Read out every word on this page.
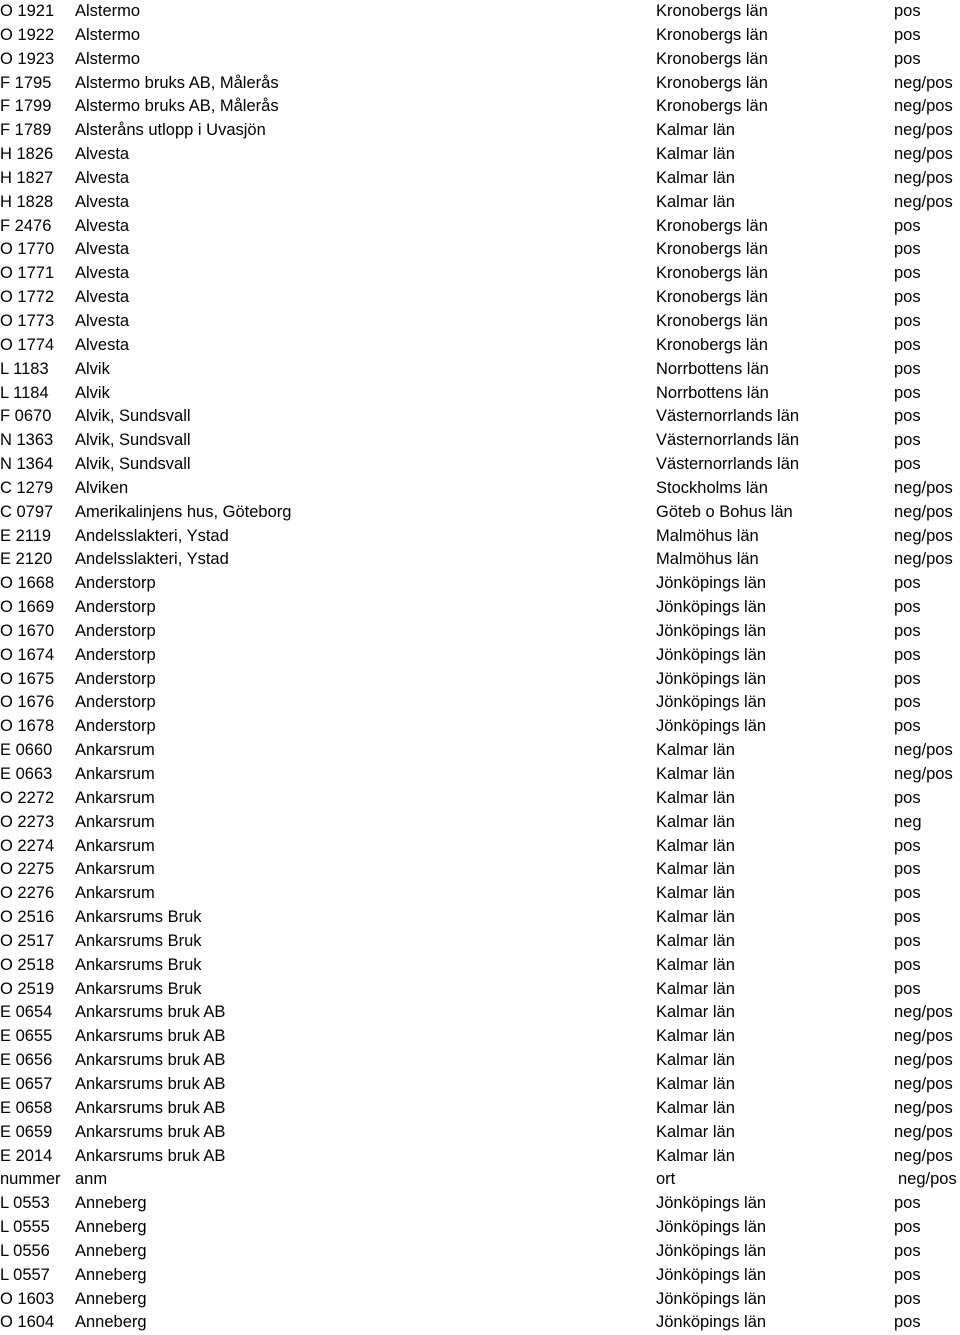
O 1921 Alstermo	Kronobergs län	pos
O 1922 Alstermo	Kronobergs län	pos
O 1923 Alstermo	Kronobergs län	pos
F 1795 Alstermo bruks AB, Målerås	Kronobergs län	neg/pos
F 1799 Alstermo bruks AB, Målerås	Kronobergs län	neg/pos
F 1789 Alsteråns utlopp i Uvasjön	Kalmar län	neg/pos
H 1826 Alvesta	Kalmar län	neg/pos
H 1827 Alvesta	Kalmar län	neg/pos
H 1828 Alvesta	Kalmar län	neg/pos
F 2476 Alvesta	Kronobergs län	pos
O 1770 Alvesta	Kronobergs län	pos
O 1771 Alvesta	Kronobergs län	pos
O 1772 Alvesta	Kronobergs län	pos
O 1773 Alvesta	Kronobergs län	pos
O 1774 Alvesta	Kronobergs län	pos
L 1183 Alvik	Norrbottens län	pos
L 1184 Alvik	Norrbottens län	pos
F 0670 Alvik, Sundsvall	Västernorrlands län	pos
N 1363 Alvik, Sundsvall	Västernorrlands län	pos
N 1364 Alvik, Sundsvall	Västernorrlands län	pos
C 1279 Alviken	Stockholms län	neg/pos
C 0797 Amerikalinjens hus, Göteborg	Göteb o Bohus län	neg/pos
E 2119 Andelsslakteri, Ystad	Malmöhus län	neg/pos
E 2120 Andelsslakteri, Ystad	Malmöhus län	neg/pos
O 1668 Anderstorp	Jönköpings län	pos
O 1669 Anderstorp	Jönköpings län	pos
O 1670 Anderstorp	Jönköpings län	pos
O 1674 Anderstorp	Jönköpings län	pos
O 1675 Anderstorp	Jönköpings län	pos
O 1676 Anderstorp	Jönköpings län	pos
O 1678 Anderstorp	Jönköpings län	pos
E 0660 Ankarsrum	Kalmar län	neg/pos
E 0663 Ankarsrum	Kalmar län	neg/pos
O 2272 Ankarsrum	Kalmar län	pos
O 2273 Ankarsrum	Kalmar län	neg
O 2274 Ankarsrum	Kalmar län	pos
O 2275 Ankarsrum	Kalmar län	pos
O 2276 Ankarsrum	Kalmar län	pos
O 2516 Ankarsrums Bruk	Kalmar län	pos
O 2517 Ankarsrums Bruk	Kalmar län	pos
O 2518 Ankarsrums Bruk	Kalmar län	pos
O 2519 Ankarsrums Bruk	Kalmar län	pos
E 0654 Ankarsrums bruk AB	Kalmar län	neg/pos
E 0655 Ankarsrums bruk AB	Kalmar län	neg/pos
E 0656 Ankarsrums bruk AB	Kalmar län	neg/pos
E 0657 Ankarsrums bruk AB	Kalmar län	neg/pos
E 0658 Ankarsrums bruk AB	Kalmar län	neg/pos
E 0659 Ankarsrums bruk AB	Kalmar län	neg/pos
E 2014 Ankarsrums bruk AB	Kalmar län	neg/pos
nummer anm	ort	neg/pos
L 0553 Anneberg	Jönköpings län	pos
L 0555 Anneberg	Jönköpings län	pos
L 0556 Anneberg	Jönköpings län	pos
L 0557 Anneberg	Jönköpings län	pos
O 1603 Anneberg	Jönköpings län	pos
O 1604 Anneberg	Jönköpings län	pos
